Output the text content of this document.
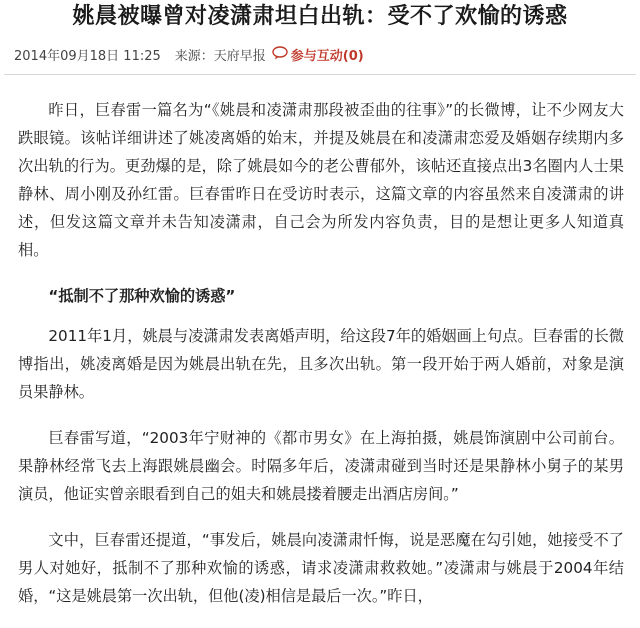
姚晨被曝曾对凌潇肃坦白出轨：受不了欢愉的诱惑
2014年09月18日 11:25 来源：天府早报 参与互动(0)

昨日，巨春雷一篇名为“《姚晨和凌潇肃那段被歪曲的往事》”的长微博，让不少网友大跌眼镜。该帖详细讲述了姚凌离婚的始末，并提及姚晨在和凌潇肃恋爱及婚姻存续期内多次出轨的行为。更劲爆的是，除了姚晨如今的老公曹郁外，该帖还直接点出3名圈内人士果静林、周小刚及孙红雷。巨春雷昨日在受访时表示，这篇文章的内容虽然来自凌潇肃的讲述，但发这篇文章并未告知凌潇肃，自己会为所发内容负责，目的是想让更多人知道真相。

“抵制不了那种欢愉的诱惑”

2011年1月，姚晨与凌潇肃发表离婚声明，给这段7年的婚姻画上句点。巨春雷的长微博指出，姚凌离婚是因为姚晨出轨在先，且多次出轨。第一段开始于两人婚前，对象是演员果静林。

巨春雷写道，“2003年宁财神的《都市男女》在上海拍摄，姚晨饰演剧中公司前台。果静林经常飞去上海跟姚晨幽会。时隔多年后，凌潇肃碰到当时还是果静林小舅子的某男演员，他证实曾亲眼看到自己的姐夫和姚晨搂着腰走出酒店房间。”

文中，巨春雷还提道，“事发后，姚晨向凌潇肃忏悔，说是恶魔在勾引她，她接受不了男人对她好，抵制不了那种欢愉的诱惑，请求凌潇肃救救她。”凌潇肃与姚晨于2004年结婚，“这是姚晨第一次出轨，但他(凌)相信是最后一次。”昨日，
